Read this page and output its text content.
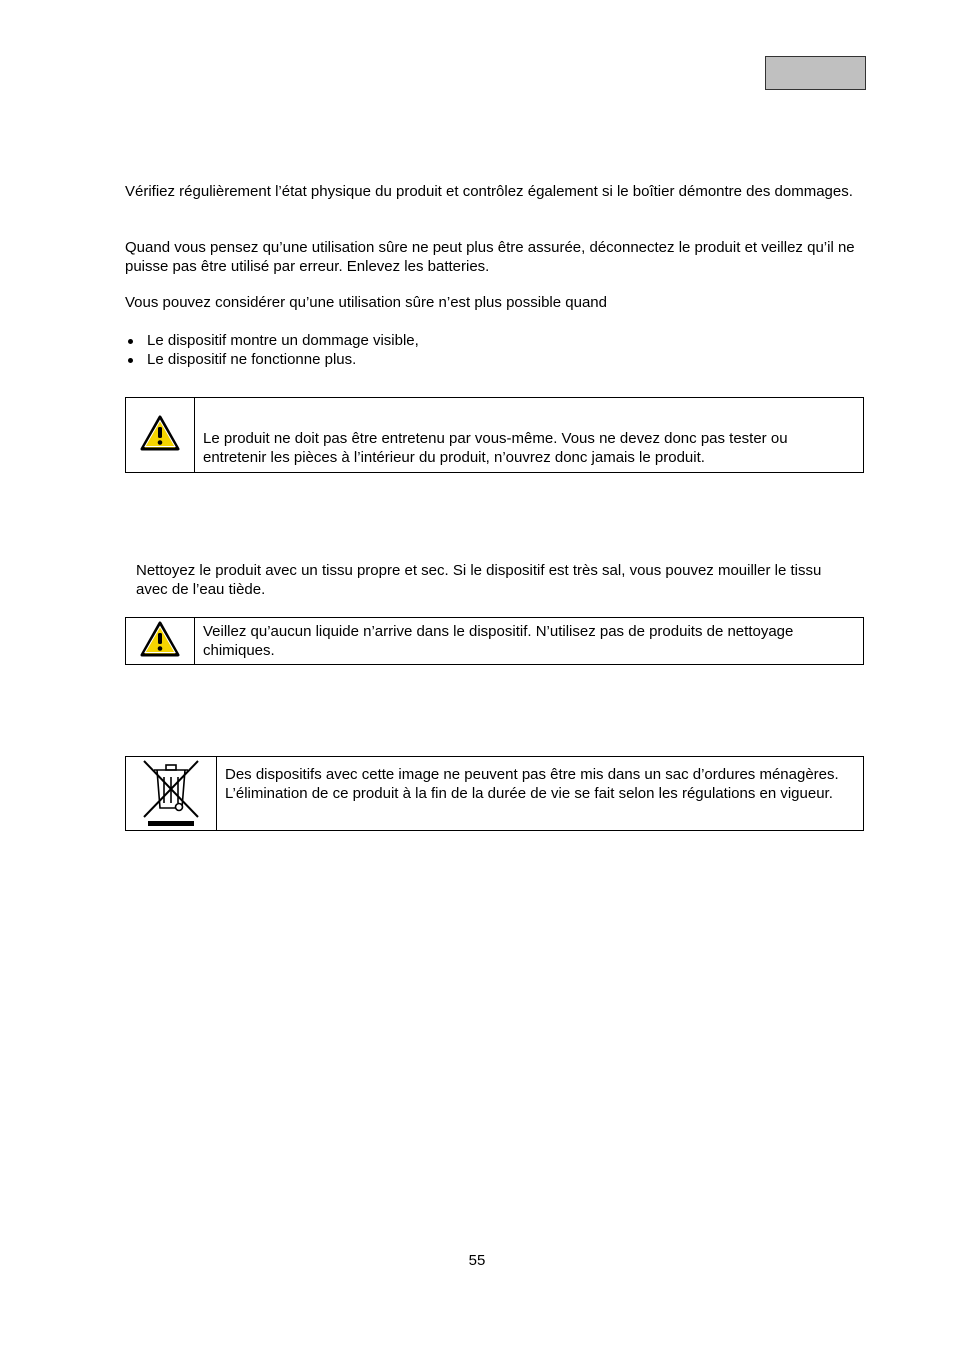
Vérifiez régulièrement l’état physique du produit et contrôlez également si le boîtier démontre des dommages.

Quand vous pensez qu’une utilisation sûre ne peut plus être assurée, déconnectez le produit et veillez qu’il ne puisse pas être utilisé par erreur. Enlevez les batteries.

Vous pouvez considérer qu’une utilisation sûre n’est plus possible quand

Le dispositif montre un dommage visible,
Le dispositif ne fonctionne plus.
Le produit ne doit pas être entretenu par vous-même. Vous ne devez donc pas tester ou entretenir les pièces à l’intérieur du produit, n’ouvrez donc jamais le produit.

Nettoyez le produit avec un tissu propre et sec. Si le dispositif est très sal, vous pouvez mouiller le tissu avec de l’eau tiède.

Veillez qu’aucun liquide n’arrive dans le dispositif. N’utilisez pas de produits de nettoyage chimiques.
Des dispositifs avec cette image ne peuvent pas être mis dans un sac d’ordures ménagères. L’élimination de ce produit à la fin de la durée de vie se fait selon les régulations en vigueur.
55
